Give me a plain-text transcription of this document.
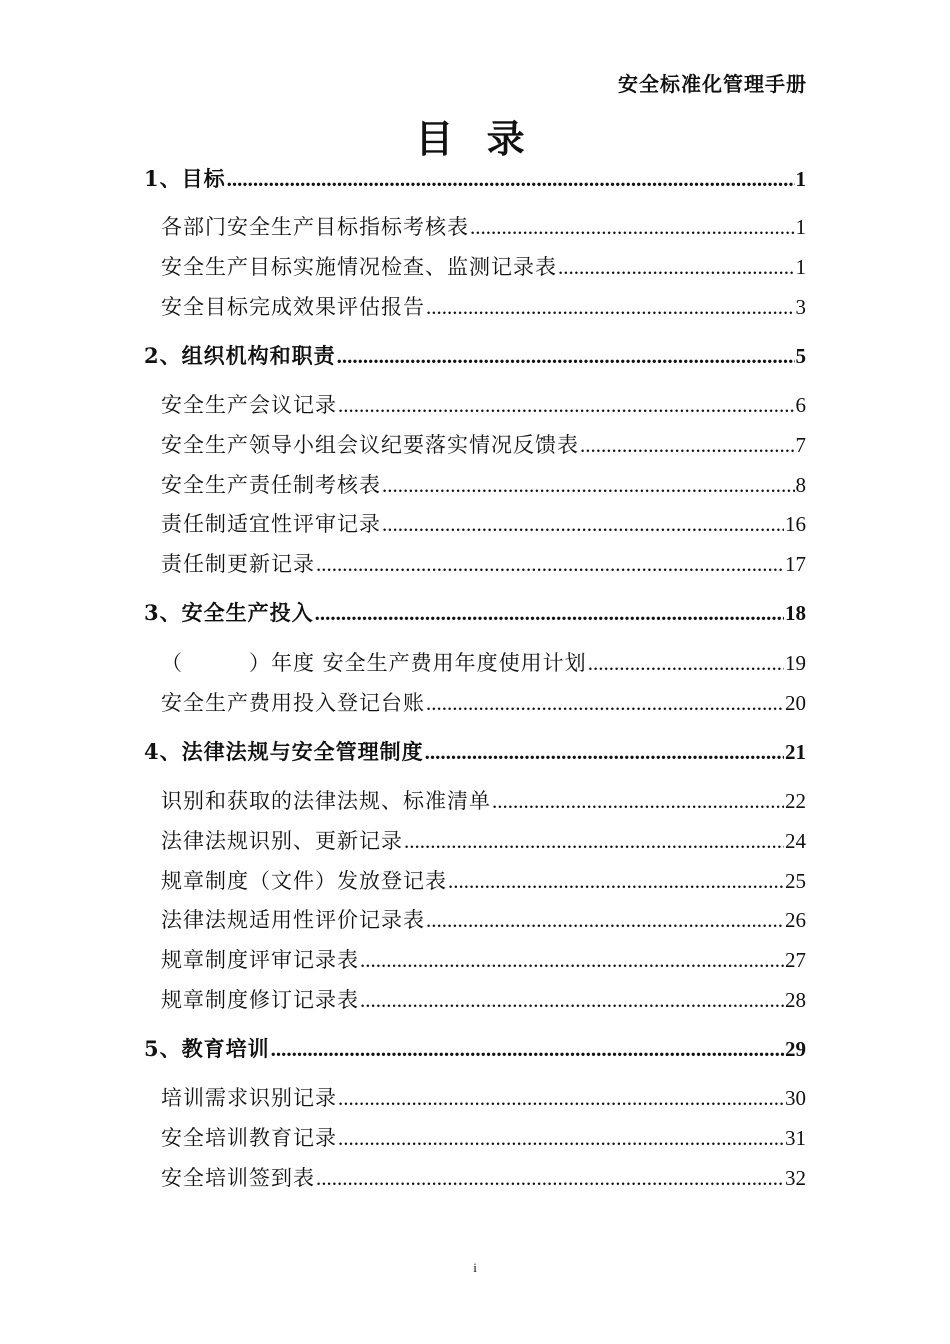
安全标准化管理手册
目 录
1、目标 .....	1
各部门安全生产目标指标考核表 .....	1
安全生产目标实施情况检查、监测记录表 .....	1
安全目标完成效果评估报告 .....	3
2、组织机构和职责 .....	5
安全生产会议记录 .....	6
安全生产领导小组会议纪要落实情况反馈表 .....	7
安全生产责任制考核表 .....	8
责任制适宜性评审记录 .....	16
责任制更新记录 .....	17
3、安全生产投入 .....	18
（　　　）年度 安全生产费用年度使用计划 .....	19
安全生产费用投入登记台账 .....	20
4、法律法规与安全管理制度 .....	21
识别和获取的法律法规、标准清单 .....	22
法律法规识别、更新记录 .....	24
规章制度（文件）发放登记表 .....	25
法律法规适用性评价记录表 .....	26
规章制度评审记录表 .....	27
规章制度修订记录表 .....	28
5、教育培训 .....	29
培训需求识别记录 .....	30
安全培训教育记录 .....	31
安全培训签到表 .....	32
i
